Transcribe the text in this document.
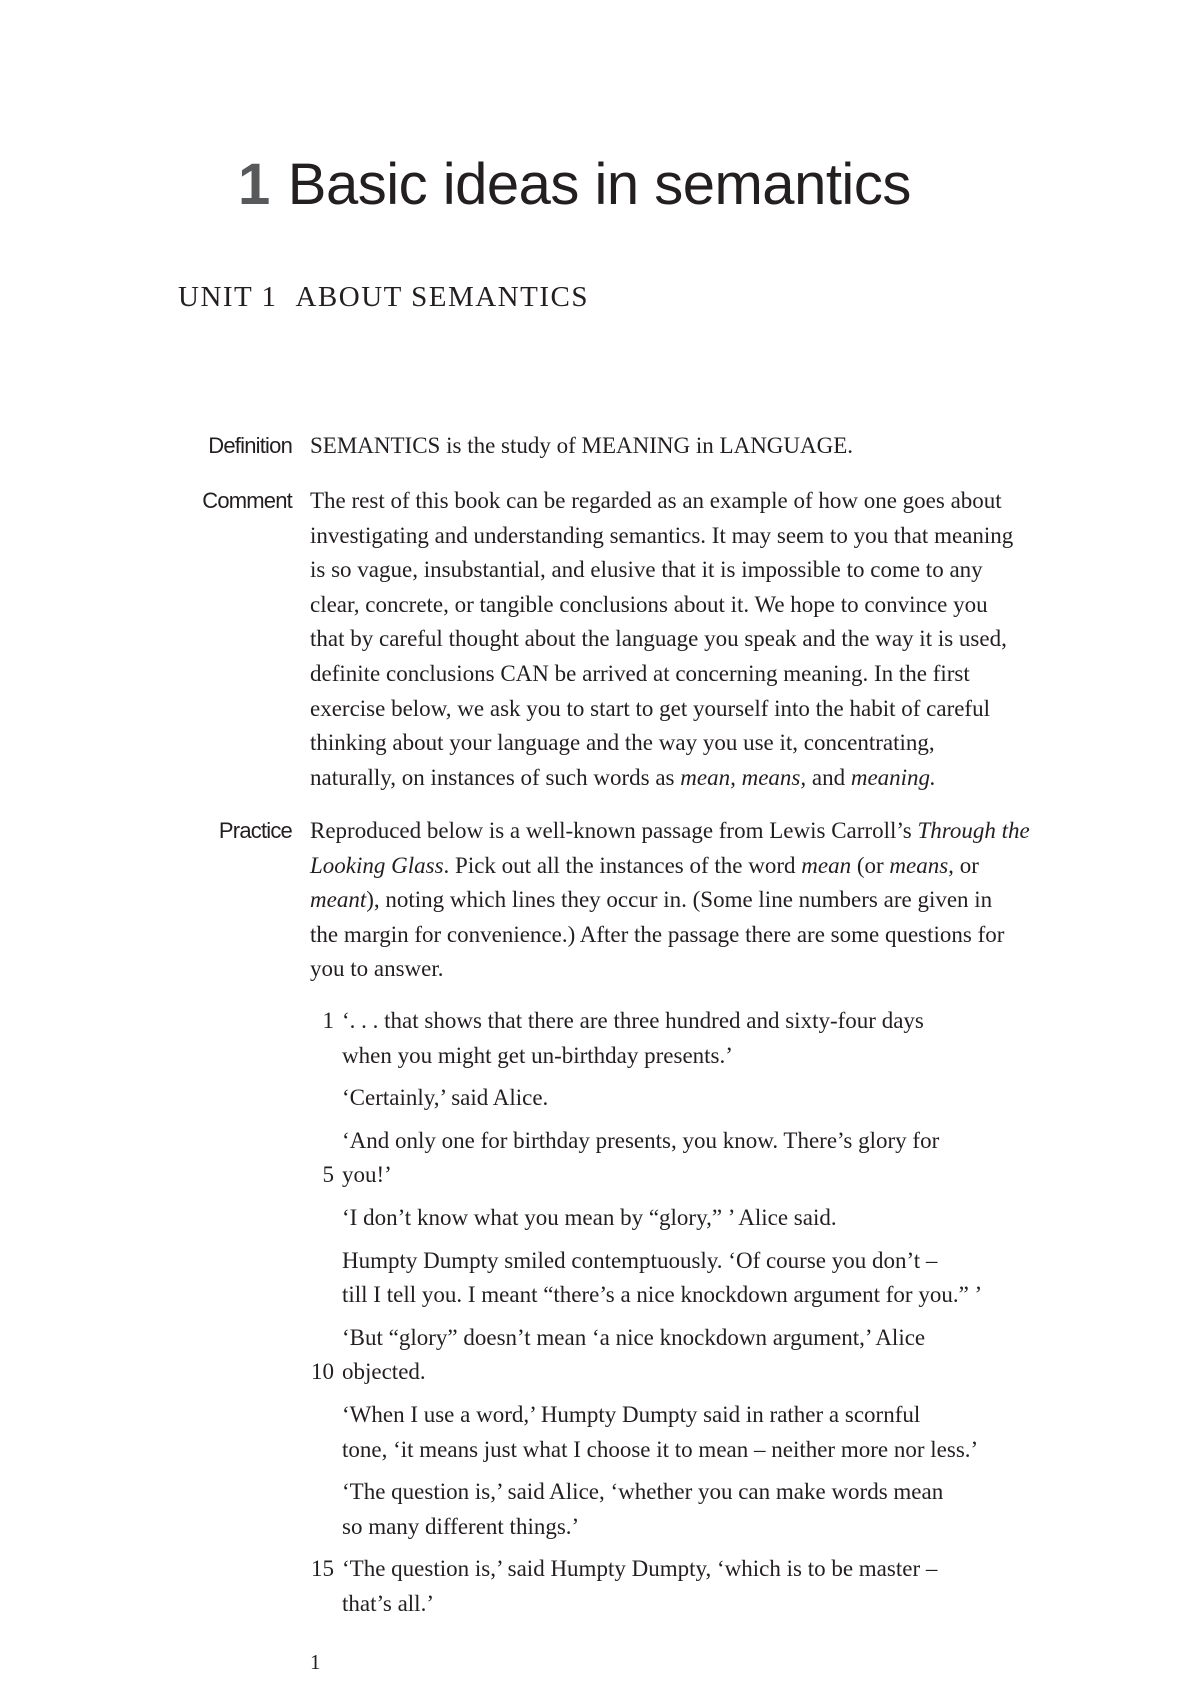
1 Basic ideas in semantics
UNIT 1 ABOUT SEMANTICS
Definition SEMANTICS is the study of MEANING in LANGUAGE.
Comment The rest of this book can be regarded as an example of how one goes about
investigating and understanding semantics. It may seem to you that meaning
is so vague, insubstantial, and elusive that it is impossible to come to any
clear, concrete, or tangible conclusions about it. We hope to convince you
that by careful thought about the language you speak and the way it is used,
definite conclusions CAN be arrived at concerning meaning. In the first
exercise below, we ask you to start to get yourself into the habit of careful
thinking about your language and the way you use it, concentrating,
naturally, on instances of such words as mean, means, and meaning.
Practice Reproduced below is a well-known passage from Lewis Carroll’s Through the
Looking Glass. Pick out all the instances of the word mean (or means, or
meant), noting which lines they occur in. (Some line numbers are given in
the margin for convenience.) After the passage there are some questions for
you to answer.
1 ‘. . . that shows that there are three hundred and sixty-four days
when you might get un-birthday presents.’
‘Certainly,’ said Alice.
‘And only one for birthday presents, you know. There’s glory for
5 you!’
‘I don’t know what you mean by “glory,” ’ Alice said.
Humpty Dumpty smiled contemptuously. ‘Of course you don’t –
till I tell you. I meant “there’s a nice knockdown argument for you.” ’
‘But “glory” doesn’t mean ‘a nice knockdown argument,’ Alice
10 objected.
‘When I use a word,’ Humpty Dumpty said in rather a scornful
tone, ‘it means just what I choose it to mean – neither more nor less.’
‘The question is,’ said Alice, ‘whether you can make words mean
so many different things.’
15 ‘The question is,’ said Humpty Dumpty, ‘which is to be master –
that’s all.’
1
